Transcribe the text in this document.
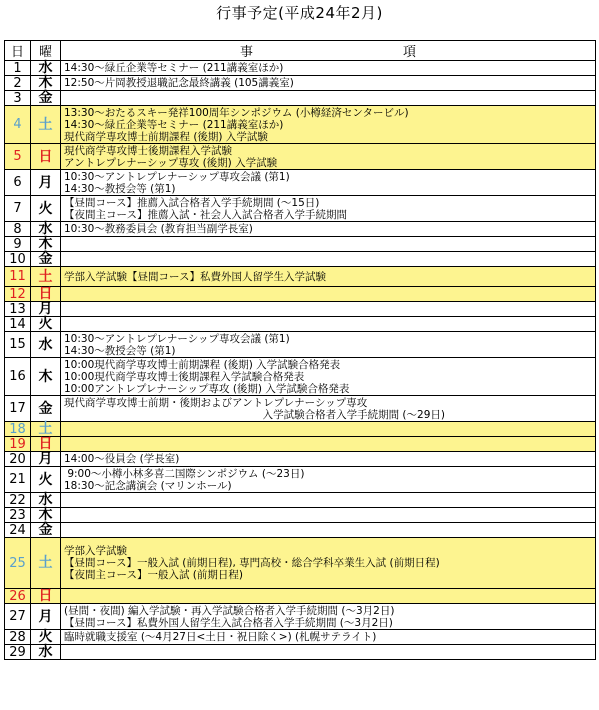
行事予定(平成24年2月)
日	曜	事項
1	水	14:30～緑丘企業等セミナー (211講義室ほか)

2	木	12:50～片岡教授退職記念最終講義 (105講義室)

3	金	

4	土	13:30～おたるスキー発祥100周年シンポジウム (小樽経済センタービル)
14:30～緑丘企業等セミナー (211講義室ほか)
現代商学専攻博士前期課程 (後期) 入学試験

5	日	現代商学専攻博士後期課程入学試験
アントレプレナーシップ専攻 (後期) 入学試験

6	月	10:30～アントレプレナーシップ専攻会議 (第1)
14:30～教授会等 (第1)

7	火	【昼間コース】推薦入試合格者入学手続期間 (～15日)
【夜間主コース】推薦入試・社会人入試合格者入学手続期間

8	水	10:30～教務委員会 (教育担当副学長室)

9	木	

10	金	

11	土	学部入学試験【昼間コース】私費外国人留学生入学試験

12	日	

13	月	

14	火	

15	水	10:30～アントレプレナーシップ専攻会議 (第1)
14:30～教授会等 (第1)

16	木	10:00現代商学専攻博士前期課程 (後期) 入学試験合格発表
10:00現代商学専攻博士後期課程入学試験合格発表
10:00アントレプレナーシップ専攻 (後期) 入学試験合格発表

17	金	現代商学専攻博士前期・後期およびアントレプレナーシップ専攻
入学試験合格者入学手続期間 (～29日)

18	土	

19	日	

20	月	14:00～役員会 (学長室)

21	火	9:00～小樽小林多喜二国際シンポジウム (～23日)
18:30～記念講演会 (マリンホール)

22	水	

23	木	

24	金	

25	土	学部入学試験
【昼間コース】一般入試 (前期日程), 専門高校・総合学科卒業生入試 (前期日程)
【夜間主コース】一般入試 (前期日程)

26	日	

27	月	(昼間・夜間) 編入学試験・再入学試験合格者入学手続期間 (～3月2日)
【昼間コース】私費外国人留学生入試合格者入学手続期間 (～3月2日)

28	火	臨時就職支援室 (～4月27日<土日・祝日除く>) (札幌サテライト)

29	水	
